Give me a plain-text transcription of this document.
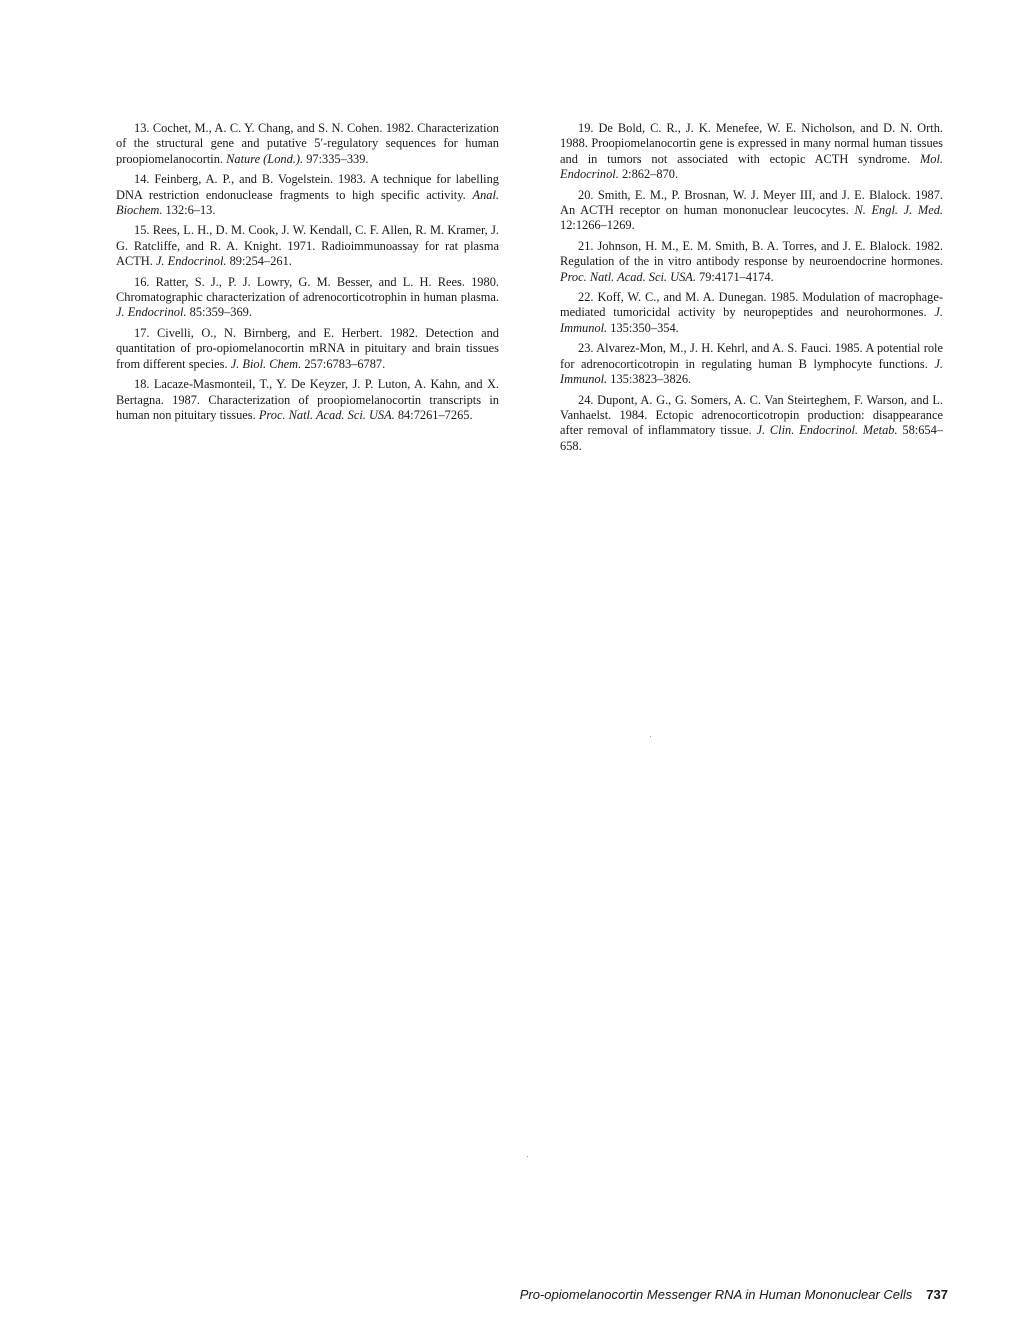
13. Cochet, M., A. C. Y. Chang, and S. N. Cohen. 1982. Characterization of the structural gene and putative 5′-regulatory sequences for human proopiomelanocortin. Nature (Lond.). 97:335–339.

14. Feinberg, A. P., and B. Vogelstein. 1983. A technique for labelling DNA restriction endonuclease fragments to high specific activity. Anal. Biochem. 132:6–13.

15. Rees, L. H., D. M. Cook, J. W. Kendall, C. F. Allen, R. M. Kramer, J. G. Ratcliffe, and R. A. Knight. 1971. Radioimmunoassay for rat plasma ACTH. J. Endocrinol. 89:254–261.

16. Ratter, S. J., P. J. Lowry, G. M. Besser, and L. H. Rees. 1980. Chromatographic characterization of adrenocorticotrophin in human plasma. J. Endocrinol. 85:359–369.

17. Civelli, O., N. Birnberg, and E. Herbert. 1982. Detection and quantitation of pro-opiomelanocortin mRNA in pituitary and brain tissues from different species. J. Biol. Chem. 257:6783–6787.

18. Lacaze-Masmonteil, T., Y. De Keyzer, J. P. Luton, A. Kahn, and X. Bertagna. 1987. Characterization of proopiomelanocortin transcripts in human non pituitary tissues. Proc. Natl. Acad. Sci. USA. 84:7261–7265.

19. De Bold, C. R., J. K. Menefee, W. E. Nicholson, and D. N. Orth. 1988. Proopiomelanocortin gene is expressed in many normal human tissues and in tumors not associated with ectopic ACTH syndrome. Mol. Endocrinol. 2:862–870.

20. Smith, E. M., P. Brosnan, W. J. Meyer III, and J. E. Blalock. 1987. An ACTH receptor on human mononuclear leucocytes. N. Engl. J. Med. 12:1266–1269.

21. Johnson, H. M., E. M. Smith, B. A. Torres, and J. E. Blalock. 1982. Regulation of the in vitro antibody response by neuroendocrine hormones. Proc. Natl. Acad. Sci. USA. 79:4171–4174.

22. Koff, W. C., and M. A. Dunegan. 1985. Modulation of macrophage-mediated tumoricidal activity by neuropeptides and neurohormones. J. Immunol. 135:350–354.

23. Alvarez-Mon, M., J. H. Kehrl, and A. S. Fauci. 1985. A potential role for adrenocorticotropin in regulating human B lymphocyte functions. J. Immunol. 135:3823–3826.

24. Dupont, A. G., G. Somers, A. C. Van Steirteghem, F. Warson, and L. Vanhaelst. 1984. Ectopic adrenocorticotropin production: disappearance after removal of inflammatory tissue. J. Clin. Endocrinol. Metab. 58:654–658.

Pro-opiomelanocortin Messenger RNA in Human Mononuclear Cells 737
